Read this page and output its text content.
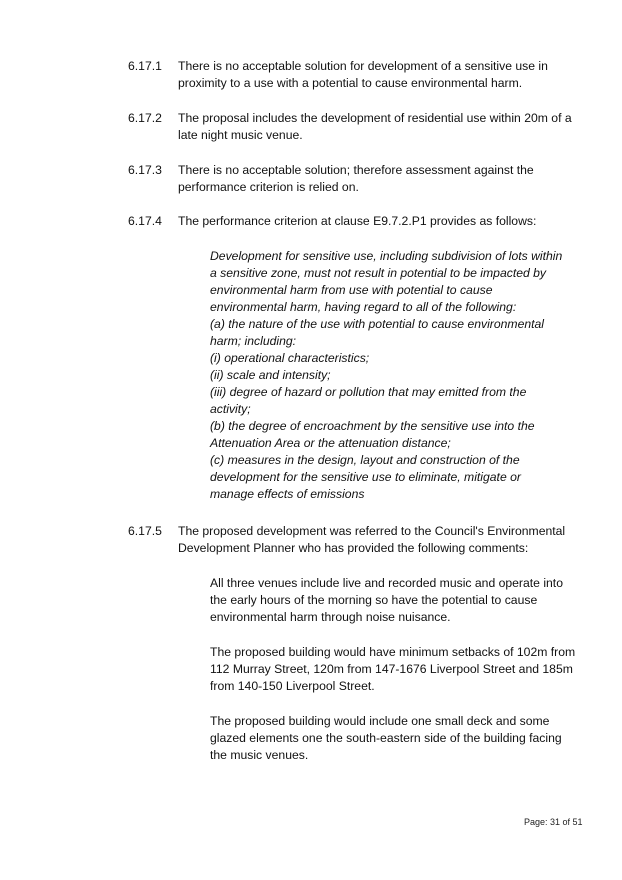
6.17.1	There is no acceptable solution for development of a sensitive use in
proximity to a use with a potential to cause environmental harm.
6.17.2	The proposal includes the development of residential use within 20m of a
late night music venue.
6.17.3	There is no acceptable solution; therefore assessment against the
performance criterion is relied on.
6.17.4	The performance criterion at clause E9.7.2.P1 provides as follows:
Development for sensitive use, including subdivision of lots within
a sensitive zone, must not result in potential to be impacted by
environmental harm from use with potential to cause
environmental harm, having regard to all of the following:
(a) the nature of the use with potential to cause environmental
harm; including:
(i) operational characteristics;
(ii) scale and intensity;
(iii) degree of hazard or pollution that may emitted from the
activity;
(b) the degree of encroachment by the sensitive use into the
Attenuation Area or the attenuation distance;
(c) measures in the design, layout and construction of the
development for the sensitive use to eliminate, mitigate or
manage effects of emissions
6.17.5	The proposed development was referred to the Council's Environmental
Development Planner who has provided the following comments:
All three venues include live and recorded music and operate into
the early hours of the morning so have the potential to cause
environmental harm through noise nuisance.
The proposed building would have minimum setbacks of 102m from
112 Murray Street, 120m from 147-1676 Liverpool Street and 185m
from 140-150 Liverpool Street.
The proposed building would include one small deck and some
glazed elements one the south-eastern side of the building facing
the music venues.
Page: 31 of 51
